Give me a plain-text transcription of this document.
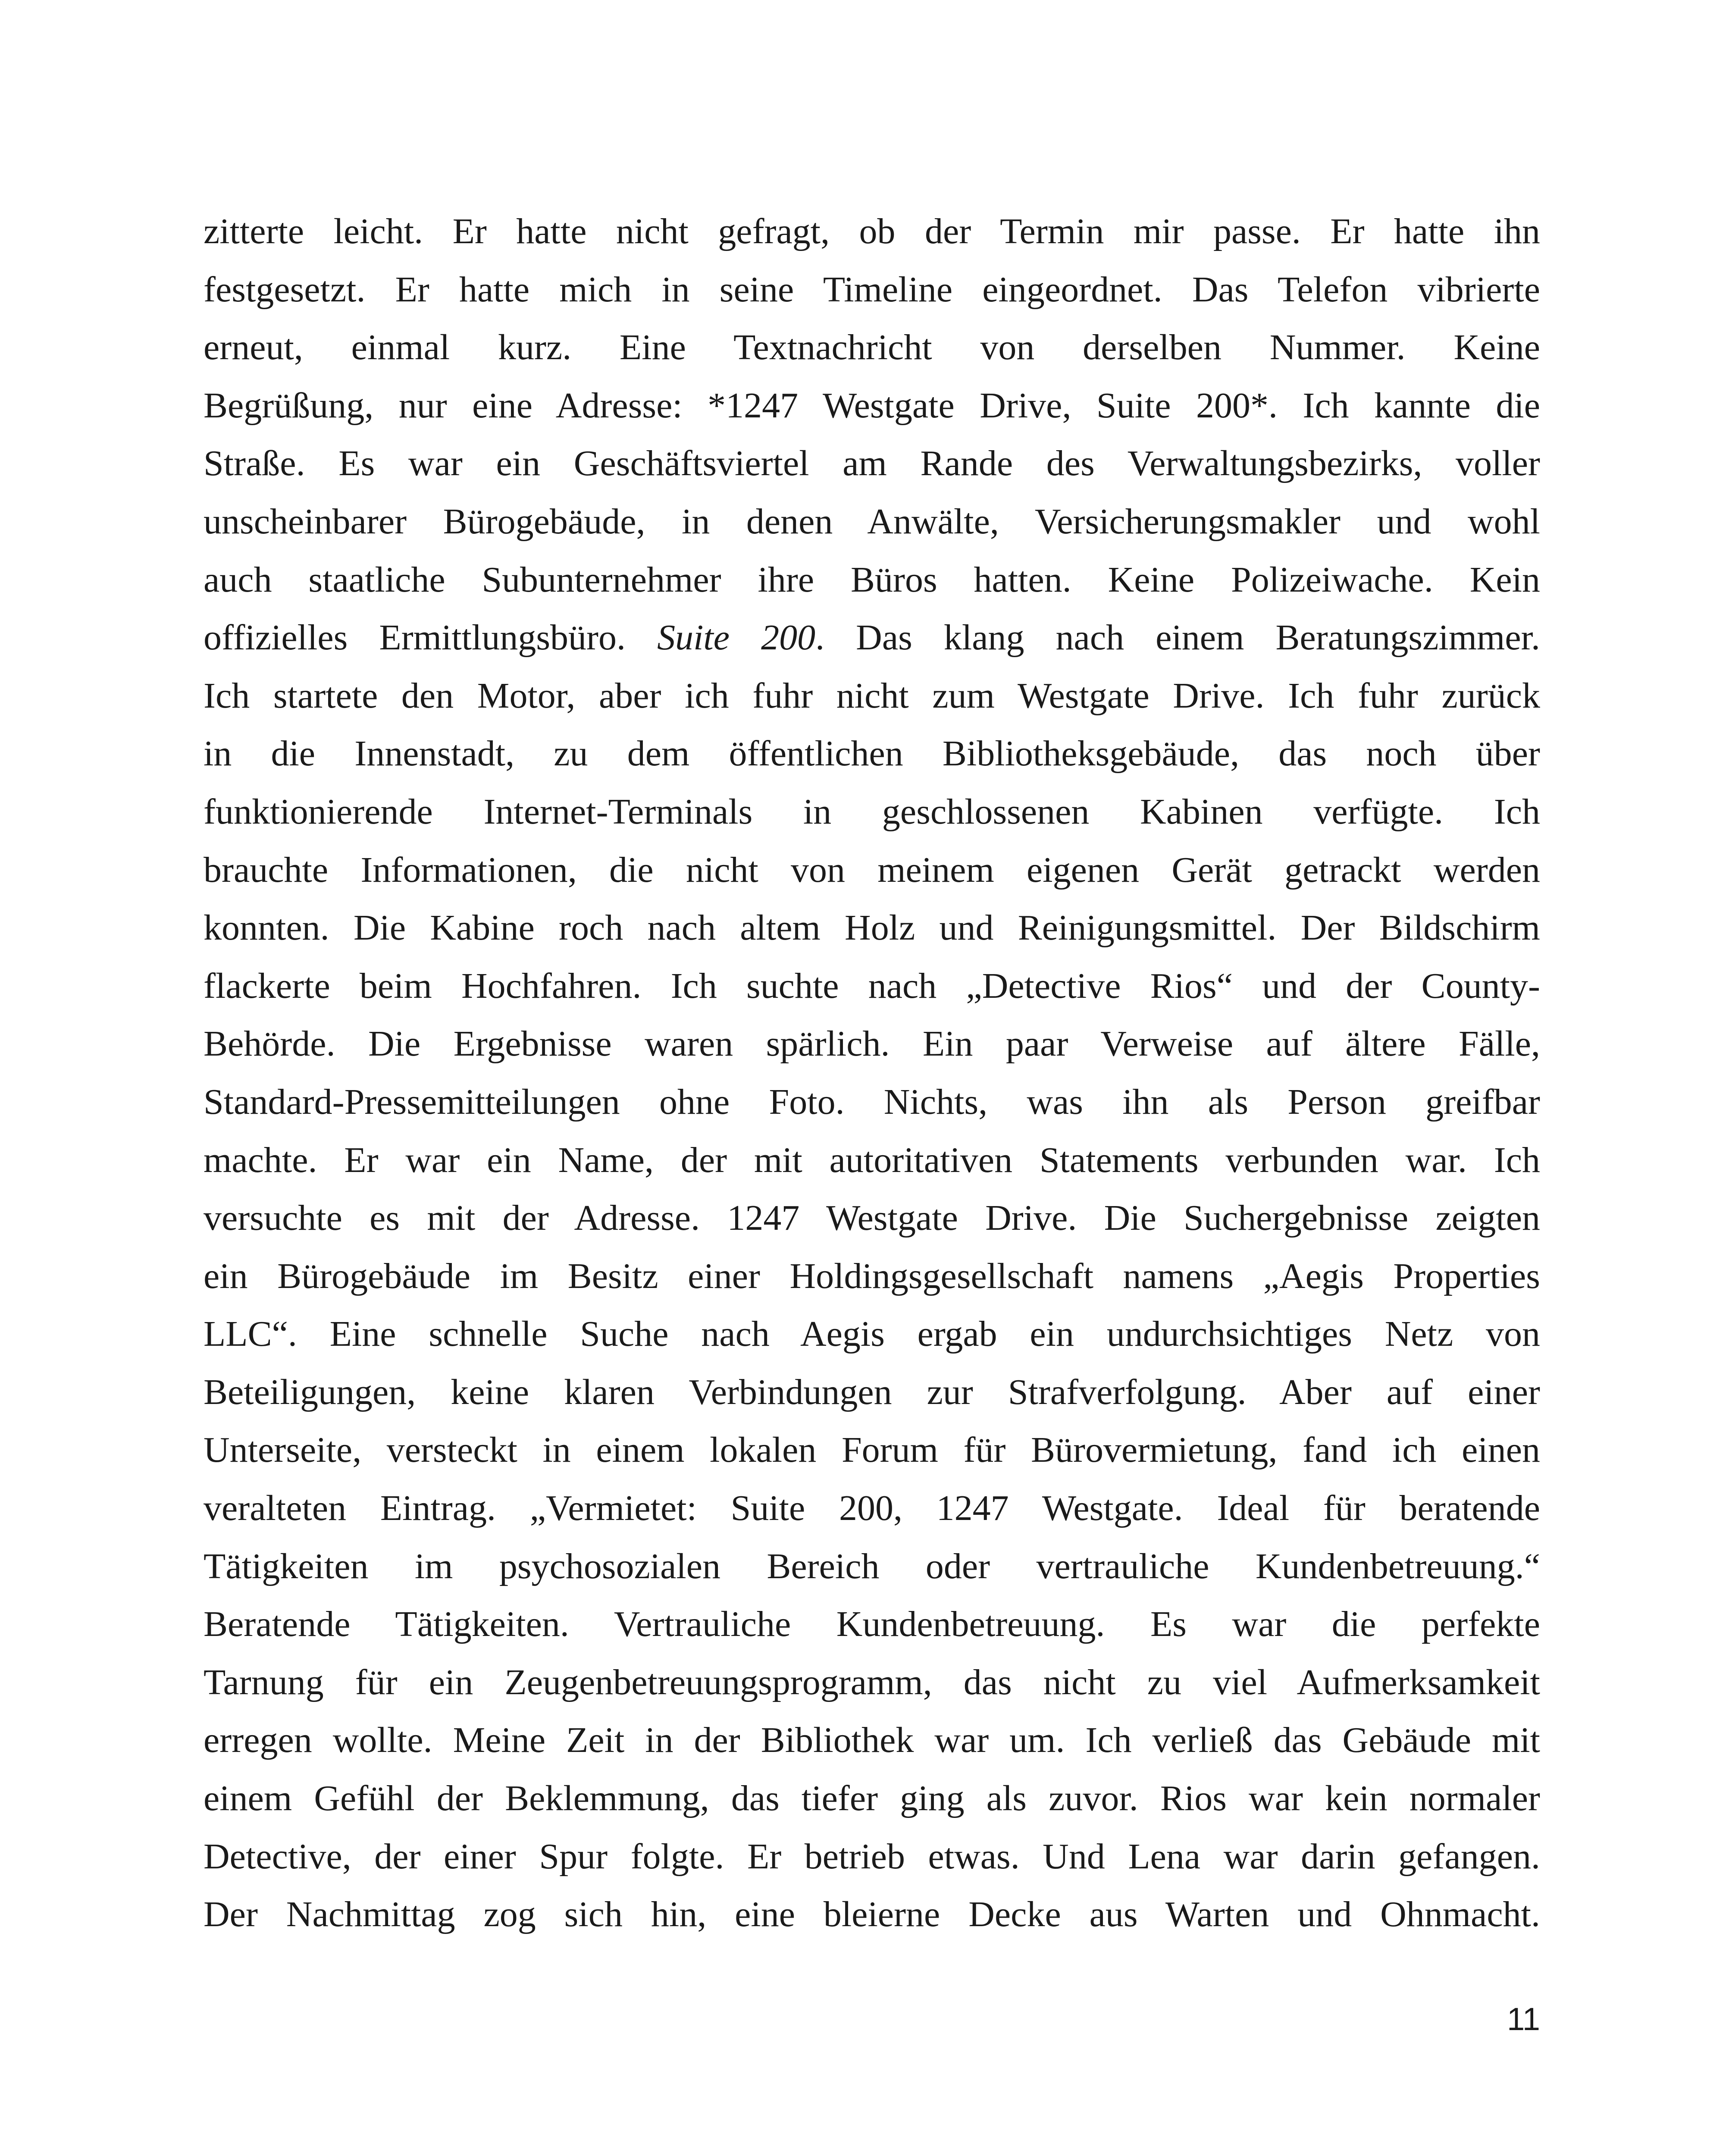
zitterte leicht. Er hatte nicht gefragt, ob der Termin mir passe. Er hatte ihn
festgesetzt. Er hatte mich in seine Timeline eingeordnet. Das Telefon vibrierte
erneut, einmal kurz. Eine Textnachricht von derselben Nummer. Keine
Begrüßung, nur eine Adresse: *1247 Westgate Drive, Suite 200*. Ich kannte die
Straße. Es war ein Geschäftsviertel am Rande des Verwaltungsbezirks, voller
unscheinbarer Bürogebäude, in denen Anwälte, Versicherungsmakler und wohl
auch staatliche Subunternehmer ihre Büros hatten. Keine Polizeiwache. Kein
offizielles Ermittlungsbüro. Suite 200. Das klang nach einem Beratungszimmer.
Ich startete den Motor, aber ich fuhr nicht zum Westgate Drive. Ich fuhr zurück
in die Innenstadt, zu dem öffentlichen Bibliotheksgebäude, das noch über
funktionierende Internet-Terminals in geschlossenen Kabinen verfügte. Ich
brauchte Informationen, die nicht von meinem eigenen Gerät getrackt werden
konnten. Die Kabine roch nach altem Holz und Reinigungsmittel. Der Bildschirm
flackerte beim Hochfahren. Ich suchte nach „Detective Rios“ und der County-
Behörde. Die Ergebnisse waren spärlich. Ein paar Verweise auf ältere Fälle,
Standard-Pressemitteilungen ohne Foto. Nichts, was ihn als Person greifbar
machte. Er war ein Name, der mit autoritativen Statements verbunden war. Ich
versuchte es mit der Adresse. 1247 Westgate Drive. Die Suchergebnisse zeigten
ein Bürogebäude im Besitz einer Holdingsgesellschaft namens „Aegis Properties
LLC“. Eine schnelle Suche nach Aegis ergab ein undurchsichtiges Netz von
Beteiligungen, keine klaren Verbindungen zur Strafverfolgung. Aber auf einer
Unterseite, versteckt in einem lokalen Forum für Bürovermietung, fand ich einen
veralteten Eintrag. „Vermietet: Suite 200, 1247 Westgate. Ideal für beratende
Tätigkeiten im psychosozialen Bereich oder vertrauliche Kundenbetreuung.“
Beratende Tätigkeiten. Vertrauliche Kundenbetreuung. Es war die perfekte
Tarnung für ein Zeugenbetreuungsprogramm, das nicht zu viel Aufmerksamkeit
erregen wollte. Meine Zeit in der Bibliothek war um. Ich verließ das Gebäude mit
einem Gefühl der Beklemmung, das tiefer ging als zuvor. Rios war kein normaler
Detective, der einer Spur folgte. Er betrieb etwas. Und Lena war darin gefangen.
Der Nachmittag zog sich hin, eine bleierne Decke aus Warten und Ohnmacht.
11
